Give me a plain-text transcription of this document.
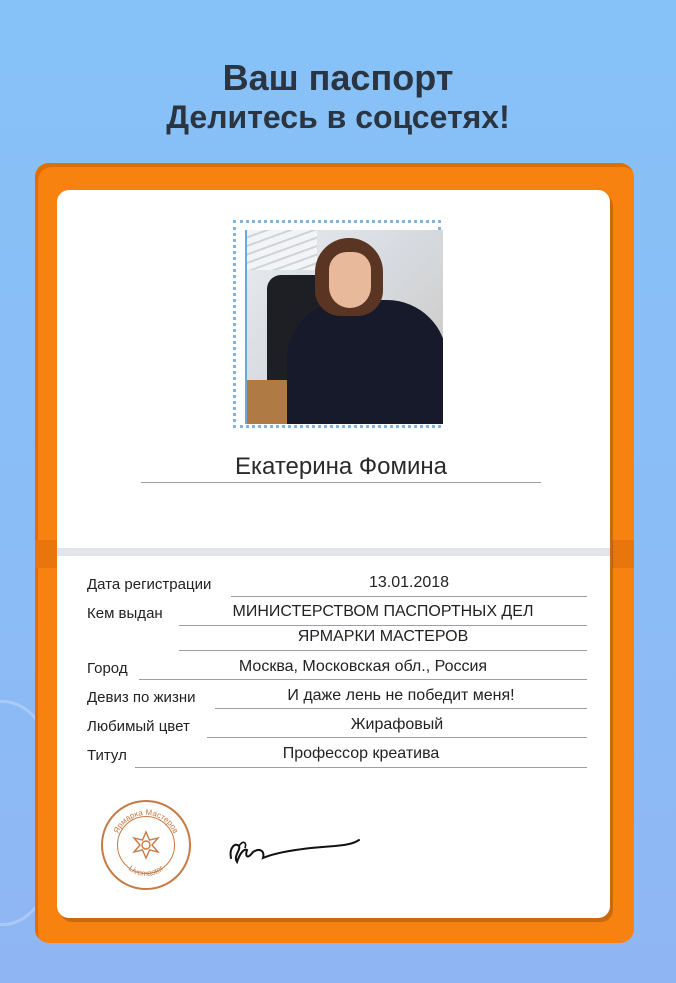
Ваш паспорт
Делитесь в соцсетях!
Екатерина Фомина
Дата регистрации	13.01.2018
Кем выдан	МИНИСТЕРСТВОМ ПАСПОРТНЫХ ДЕЛ
ЯРМАРКИ МАСТЕРОВ
Город	Москва, Московская обл., Россия
Девиз по жизни	И даже лень не победит меня!
Любимый цвет	Жирафовый
Титул	Профессор креатива
Ярмарка Мастеров
Livemaster
